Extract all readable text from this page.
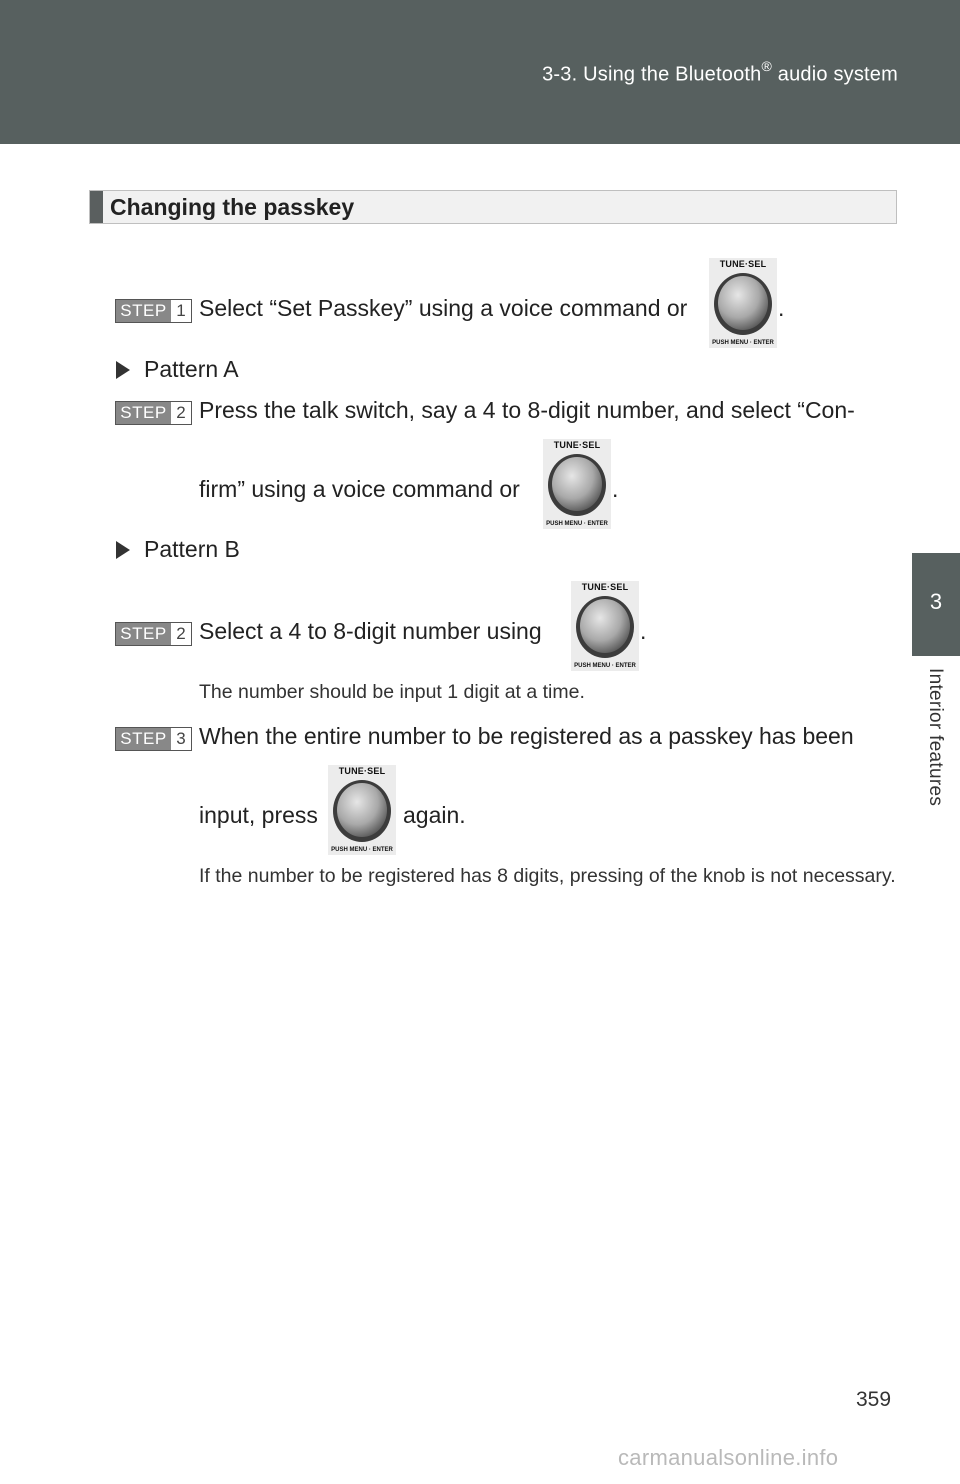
3-3. Using the Bluetooth® audio system
3
Interior features
Changing the passkey
STEP 1 Select “Set Passkey” using a voice command or
TUNE·SEL
PUSH MENU · ENTER
.
Pattern A
STEP 2 Press the talk switch, say a 4 to 8-digit number, and select “Con-
firm” using a voice command or
TUNE·SEL
PUSH MENU · ENTER
.
Pattern B
STEP 2 Select a 4 to 8-digit number using
TUNE·SEL
PUSH MENU · ENTER
.
The number should be input 1 digit at a time.
STEP 3 When the entire number to be registered as a passkey has been
input, press
TUNE·SEL
PUSH MENU · ENTER
again.
If the number to be registered has 8 digits, pressing of the knob is not necessary.
359
carmanualsonline.info
